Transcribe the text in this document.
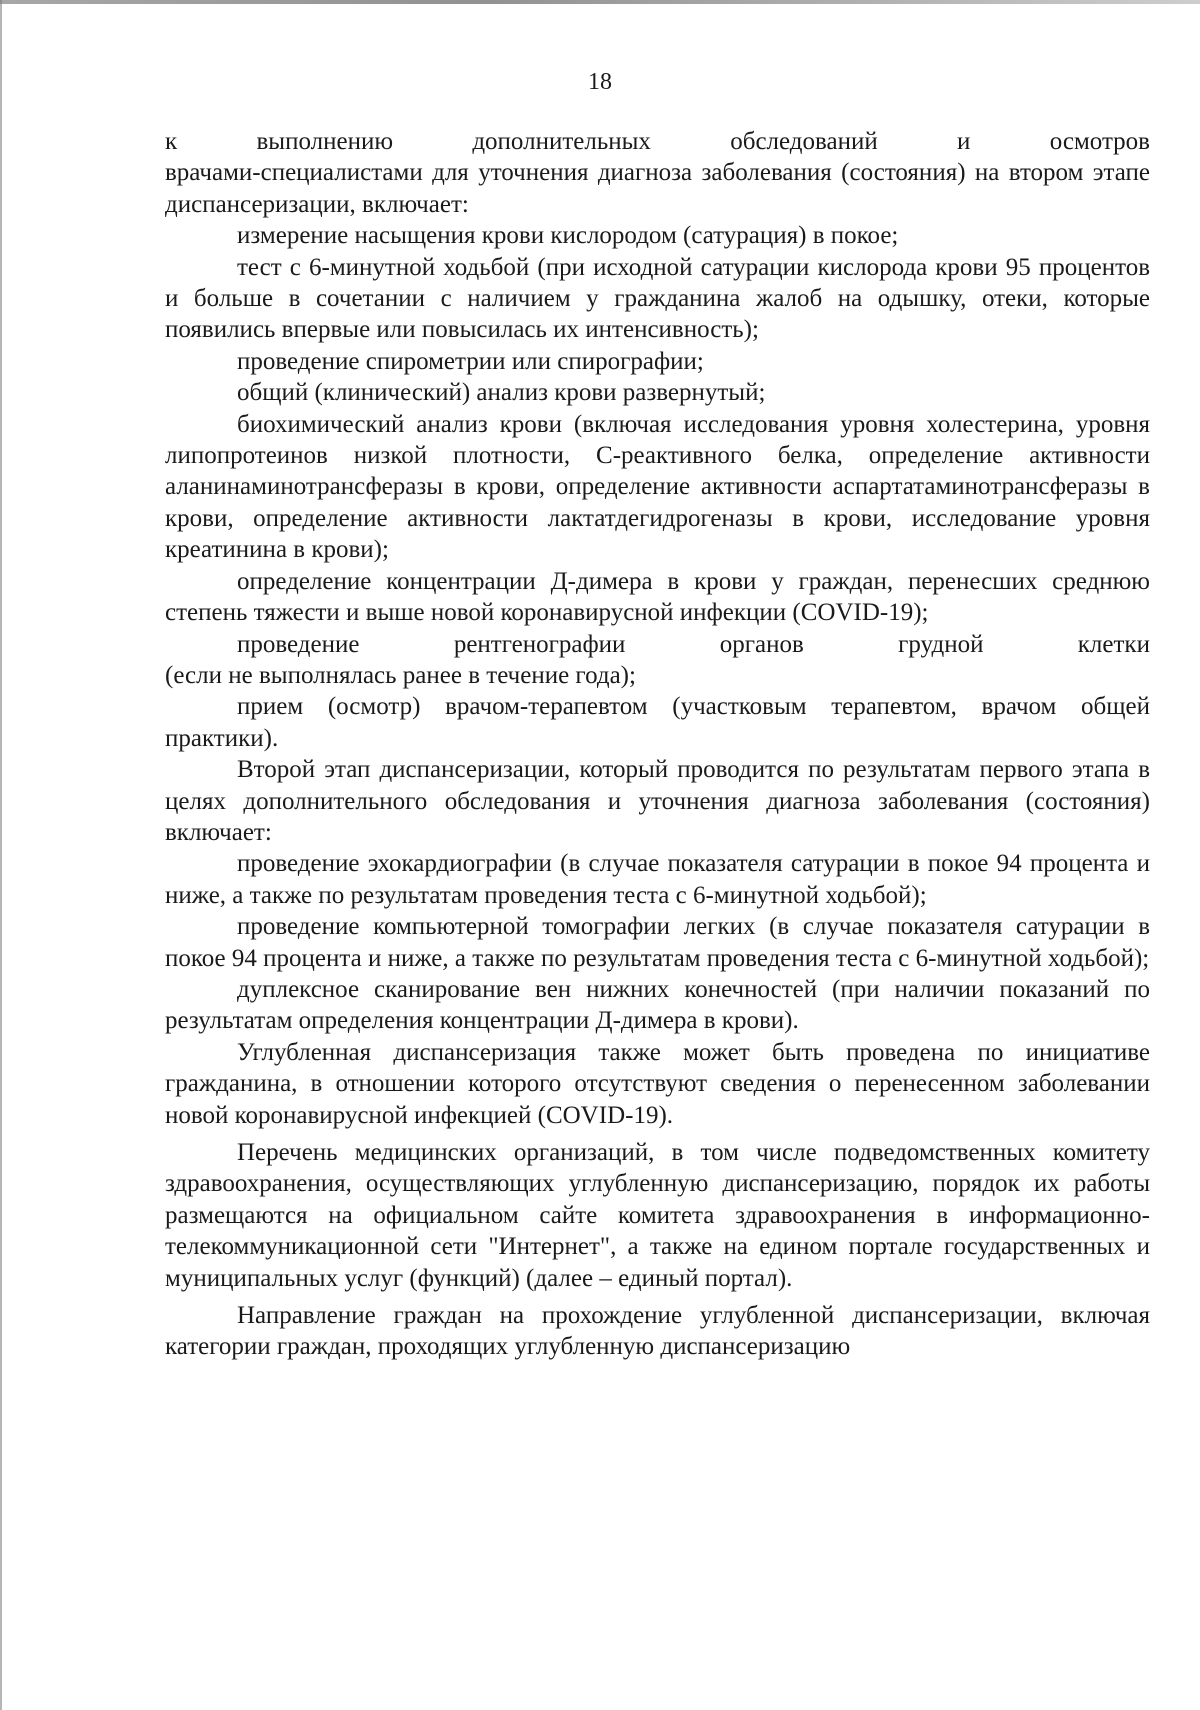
18
к	выполнению	дополнительных	обследований	и	осмотров

врачами-специалистами для уточнения диагноза заболевания (состояния) на втором этапе диспансеризации, включает:

измерение насыщения крови кислородом (сатурация) в покое;

тест с 6-минутной ходьбой (при исходной сатурации кислорода крови 95 процентов и больше в сочетании с наличием у гражданина жалоб на одышку, отеки, которые появились впервые или повысилась их интенсивность);

проведение спирометрии или спирографии;

общий (клинический) анализ крови развернутый;

биохимический анализ крови (включая исследования уровня холестерина, уровня липопротеинов низкой плотности, С-реактивного белка, определение активности аланинаминотрансферазы в крови, определение активности аспартатаминотрансферазы в крови, определение активности лактатдегидрогеназы в крови, исследование уровня креатинина в крови);

определение концентрации Д-димера в крови у граждан, перенесших среднюю степень тяжести и выше новой коронавирусной инфекции (COVID-19);

проведение	рентгенографии	органов	грудной	клетки

(если не выполнялась ранее в течение года);

прием (осмотр) врачом-терапевтом (участковым терапевтом, врачом общей практики).

Второй этап диспансеризации, который проводится по результатам первого этапа в целях дополнительного обследования и уточнения диагноза заболевания (состояния) включает:

проведение эхокардиографии (в случае показателя сатурации в покое 94 процента и ниже, а также по результатам проведения теста с 6-минутной ходьбой);

проведение компьютерной томографии легких (в случае показателя сатурации в покое 94 процента и ниже, а также по результатам проведения теста с 6-минутной ходьбой);

дуплексное сканирование вен нижних конечностей (при наличии показаний по результатам определения концентрации Д-димера в крови).

Углубленная диспансеризация также может быть проведена по инициативе гражданина, в отношении которого отсутствуют сведения о перенесенном заболевании новой коронавирусной инфекцией (COVID-19).

Перечень медицинских организаций, в том числе подведомственных комитету здравоохранения, осуществляющих углубленную диспансеризацию, порядок их работы размещаются на официальном сайте комитета здравоохранения в информационно-телекоммуникационной сети "Интернет", а также на едином портале государственных и муниципальных услуг (функций) (далее – единый портал).

Направление граждан на прохождение углубленной диспансеризации, включая категории граждан, проходящих углубленную диспансеризацию
